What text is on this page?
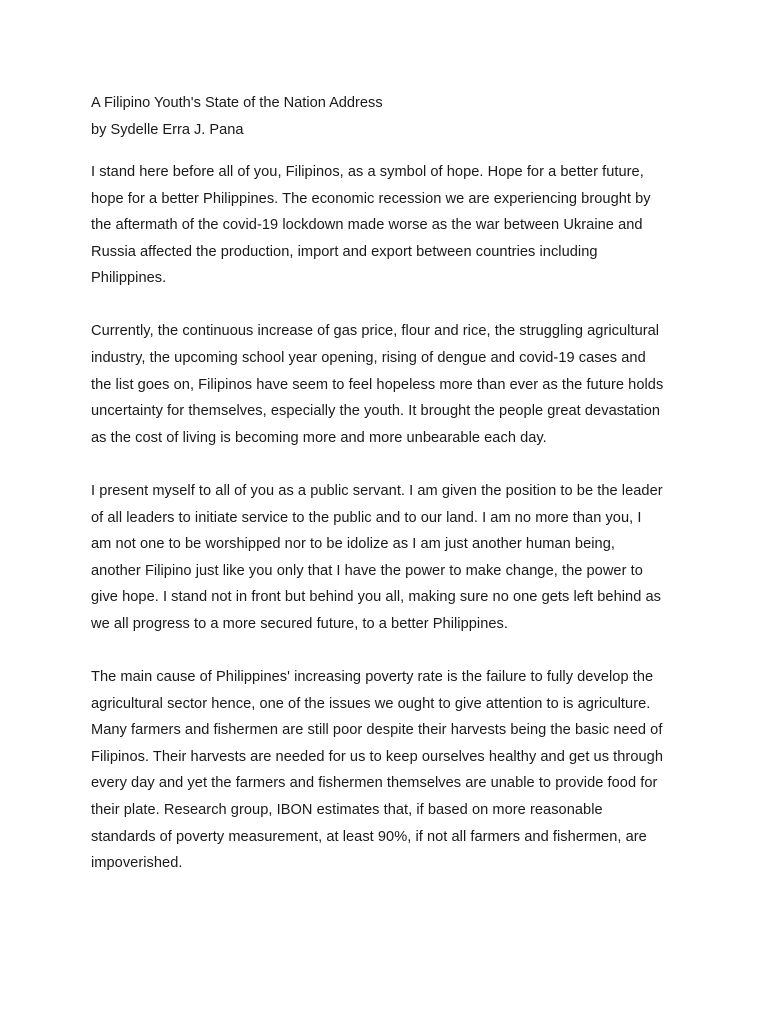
A Filipino Youth's State of the Nation Address

by Sydelle Erra J. Pana

I stand here before all of you, Filipinos, as a symbol of hope. Hope for a better future,
hope for a better Philippines. The economic recession we are experiencing brought by
the aftermath of the covid-19 lockdown made worse as the war between Ukraine and
Russia affected the production, import and export between countries including
Philippines.

Currently, the continuous increase of gas price, flour and rice, the struggling agricultural
industry, the upcoming school year opening, rising of dengue and covid-19 cases and
the list goes on, Filipinos have seem to feel hopeless more than ever as the future holds
uncertainty for themselves, especially the youth. It brought the people great devastation
as the cost of living is becoming more and more unbearable each day.

I present myself to all of you as a public servant. I am given the position to be the leader
of all leaders to initiate service to the public and to our land. I am no more than you, I
am not one to be worshipped nor to be idolize as I am just another human being,
another Filipino just like you only that I have the power to make change, the power to
give hope. I stand not in front but behind you all, making sure no one gets left behind as
we all progress to a more secured future, to a better Philippines.

The main cause of Philippines' increasing poverty rate is the failure to fully develop the
agricultural sector hence, one of the issues we ought to give attention to is agriculture.
Many farmers and fishermen are still poor despite their harvests being the basic need of
Filipinos. Their harvests are needed for us to keep ourselves healthy and get us through
every day and yet the farmers and fishermen themselves are unable to provide food for
their plate. Research group, IBON estimates that, if based on more reasonable
standards of poverty measurement, at least 90%, if not all farmers and fishermen, are
impoverished.
